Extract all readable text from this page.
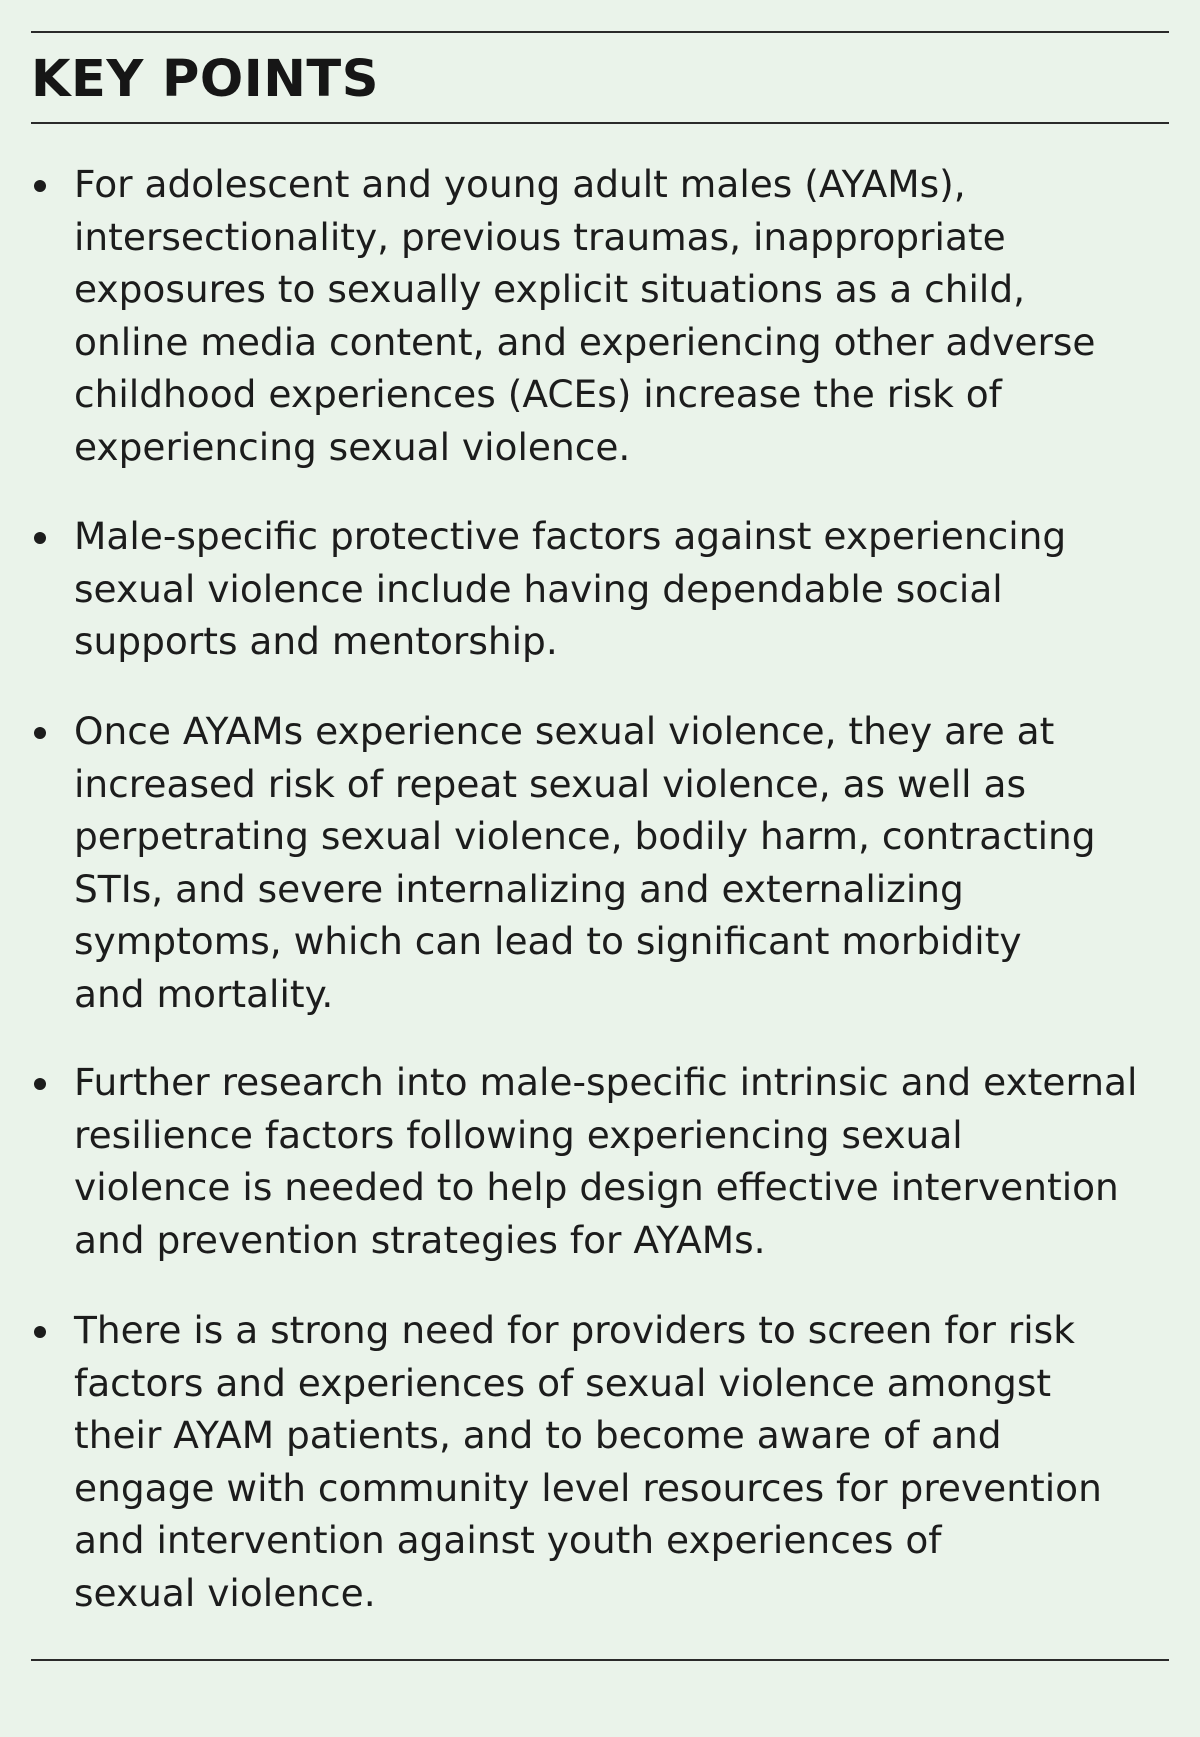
KEY POINTS
For adolescent and young adult males (AYAMs),
intersectionality, previous traumas, inappropriate
exposures to sexually explicit situations as a child,
online media content, and experiencing other adverse
childhood experiences (ACEs) increase the risk of
experiencing sexual violence.
Male-specific protective factors against experiencing
sexual violence include having dependable social
supports and mentorship.
Once AYAMs experience sexual violence, they are at
increased risk of repeat sexual violence, as well as
perpetrating sexual violence, bodily harm, contracting
STIs, and severe internalizing and externalizing
symptoms, which can lead to significant morbidity
and mortality.
Further research into male-specific intrinsic and external
resilience factors following experiencing sexual
violence is needed to help design effective intervention
and prevention strategies for AYAMs.
There is a strong need for providers to screen for risk
factors and experiences of sexual violence amongst
their AYAM patients, and to become aware of and
engage with community level resources for prevention
and intervention against youth experiences of
sexual violence.
